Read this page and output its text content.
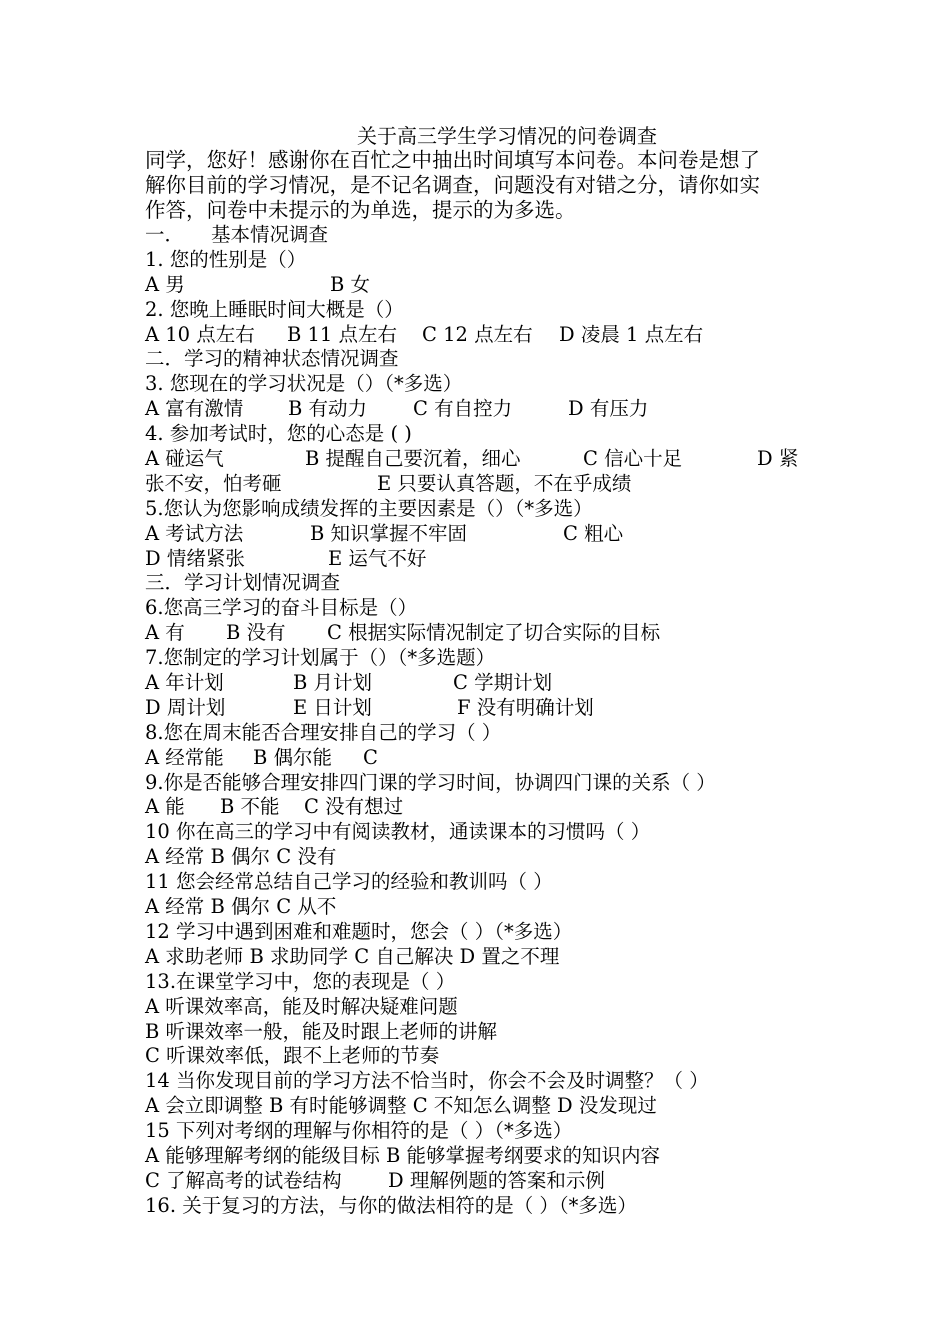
关于高三学生学习情况的问卷调查
同学，您好！感谢你在百忙之中抽出时间填写本问卷。本问卷是想了
解你目前的学习情况，是不记名调查，问题没有对错之分，请你如实
作答，问卷中未提示的为单选，提示的为多选。
一． 基本情况调查
1. 您的性别是（）
A 男	B 女
2. 您晚上睡眠时间大概是（）
A 10 点左右 B 11 点左右 C 12 点左右 D 凌晨 1 点左右
二．学习的精神状态情况调查
3. 您现在的学习状况是（）（*多选）
A 富有激情 B 有动力 C 有自控力	D 有压力
4. 参加考试时，您的心态是 ( )
A 碰运气	B 提醒自己要沉着，细心	C 信心十足	D 紧
张不安，怕考砸	E 只要认真答题，不在乎成绩
5.您认为您影响成绩发挥的主要因素是（）（*多选）
A 考试方法	B 知识掌握不牢固	C 粗心
D 情绪紧张	E 运气不好
三．学习计划情况调查
6.您高三学习的奋斗目标是（）
A 有 B 没有 C 根据实际情况制定了切合实际的目标
7.您制定的学习计划属于（）（*多选题）
A 年计划	B 月计划	C 学期计划
D 周计划	E 日计划	F 没有明确计划
8.您在周末能否合理安排自己的学习（ ）
A 经常能 B 偶尔能 C
9.你是否能够合理安排四门课的学习时间，协调四门课的关系（ ）
A 能 B 不能 C 没有想过
10 你在高三的学习中有阅读教材，通读课本的习惯吗（ ）
A 经常 B 偶尔 C 没有
11 您会经常总结自己学习的经验和教训吗（ ）
A 经常 B 偶尔 C 从不
12 学习中遇到困难和难题时，您会（ ）（*多选）
A 求助老师 B 求助同学 C 自己解决 D 置之不理
13.在课堂学习中，您的表现是（ ）
A 听课效率高，能及时解决疑难问题
B 听课效率一般，能及时跟上老师的讲解
C 听课效率低，跟不上老师的节奏
14 当你发现目前的学习方法不恰当时，你会不会及时调整？（ ）
A 会立即调整 B 有时能够调整 C 不知怎么调整 D 没发现过
15 下列对考纲的理解与你相符的是（ ）（*多选）
A 能够理解考纲的能级目标 B 能够掌握考纲要求的知识内容
C 了解高考的试卷结构 D 理解例题的答案和示例
16. 关于复习的方法，与你的做法相符的是（ ）（*多选）
